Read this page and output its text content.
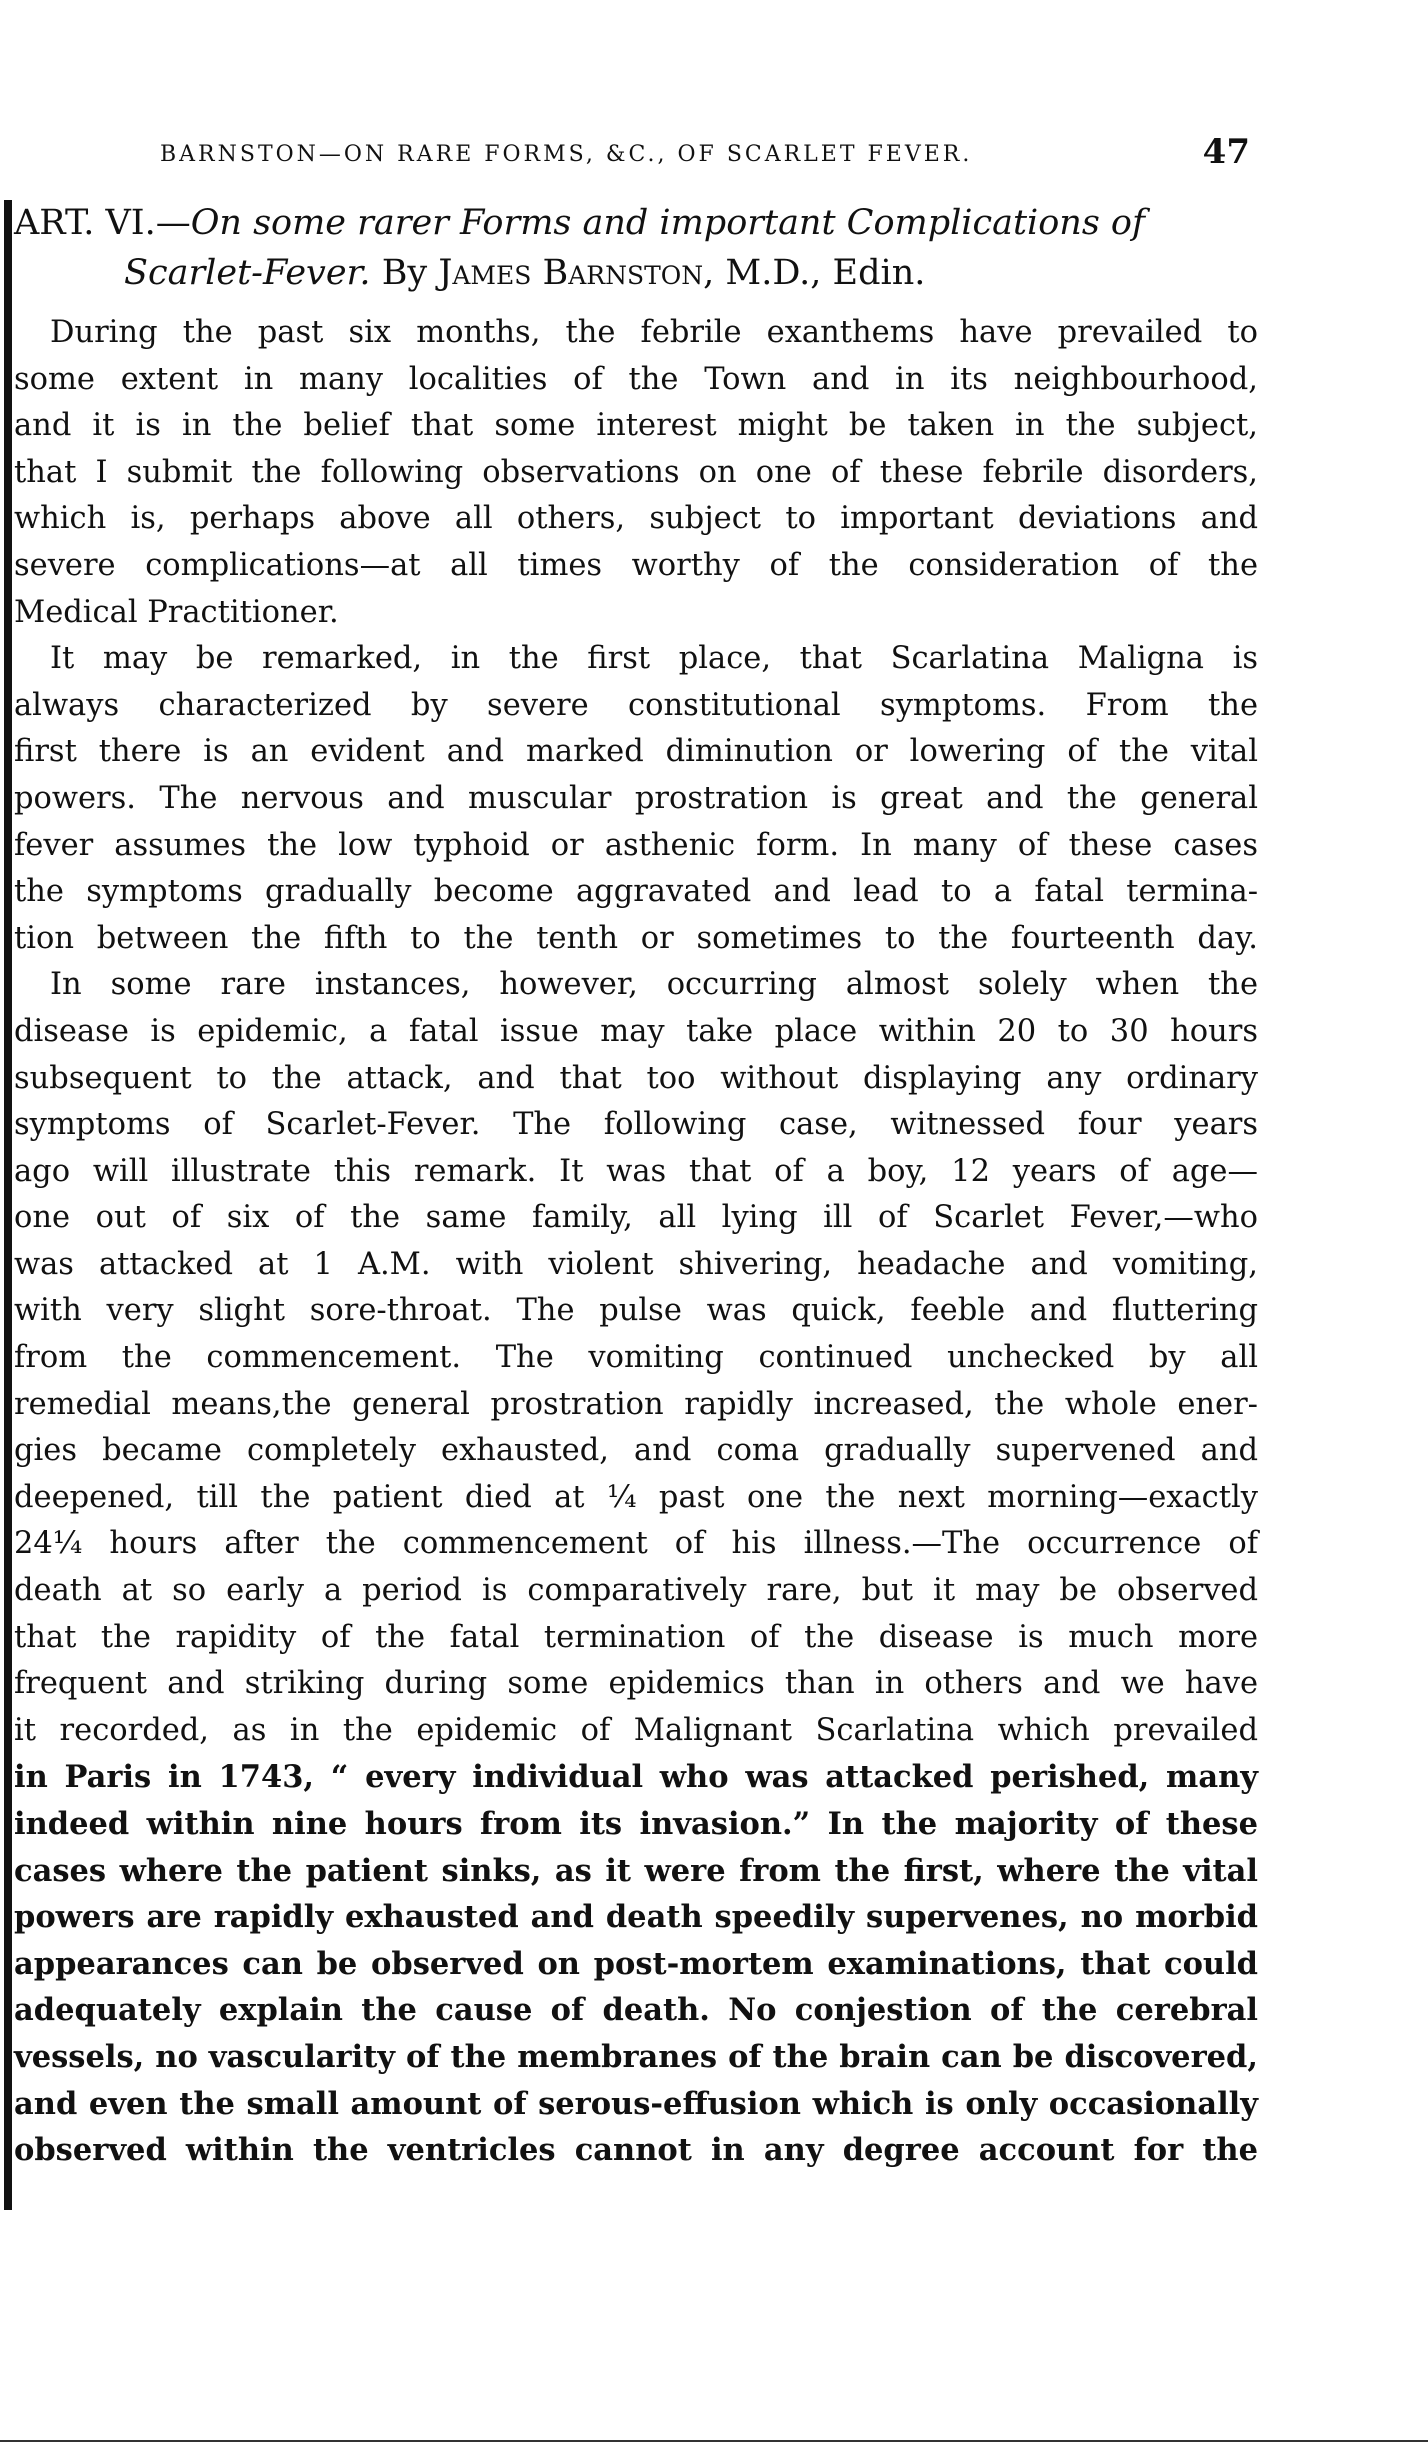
BARNSTON—ON RARE FORMS, &C., OF SCARLET FEVER.	47
ART. VI.—On some rarer Forms and important Complications of
Scarlet-Fever. By James Barnston, M.D., Edin.
During the past six months, the febrile exanthems have prevailed to
some extent in many localities of the Town and in its neighbourhood,
and it is in the belief that some interest might be taken in the subject,
that I submit the following observations on one of these febrile disorders,
which is, perhaps above all others, subject to important deviations and
severe complications—at all times worthy of the consideration of the
Medical Practitioner.
It may be remarked, in the first place, that Scarlatina Maligna is
always characterized by severe constitutional symptoms. From the
first there is an evident and marked diminution or lowering of the vital
powers. The nervous and muscular prostration is great and the general
fever assumes the low typhoid or asthenic form. In many of these cases
the symptoms gradually become aggravated and lead to a fatal termina-
tion between the fifth to the tenth or sometimes to the fourteenth day.
In some rare instances, however, occurring almost solely when the
disease is epidemic, a fatal issue may take place within 20 to 30 hours
subsequent to the attack, and that too without displaying any ordinary
symptoms of Scarlet-Fever. The following case, witnessed four years
ago will illustrate this remark. It was that of a boy, 12 years of age—
one out of six of the same family, all lying ill of Scarlet Fever,—who
was attacked at 1 A.M. with violent shivering, headache and vomiting,
with very slight sore-throat. The pulse was quick, feeble and fluttering
from the commencement. The vomiting continued unchecked by all
remedial means,the general prostration rapidly increased, the whole ener-
gies became completely exhausted, and coma gradually supervened and
deepened, till the patient died at ¼ past one the next morning—exactly
24¼ hours after the commencement of his illness.—The occurrence of
death at so early a period is comparatively rare, but it may be observed
that the rapidity of the fatal termination of the disease is much more
frequent and striking during some epidemics than in others and we have
it recorded, as in the epidemic of Malignant Scarlatina which prevailed
in Paris in 1743, “ every individual who was attacked perished, many
indeed within nine hours from its invasion.” In the majority of these
cases where the patient sinks, as it were from the first, where the vital
powers are rapidly exhausted and death speedily supervenes, no morbid
appearances can be observed on post-mortem examinations, that could
adequately explain the cause of death. No conjestion of the cerebral
vessels, no vascularity of the membranes of the brain can be discovered,
and even the small amount of serous-effusion which is only occasionally
observed within the ventricles cannot in any degree account for the
